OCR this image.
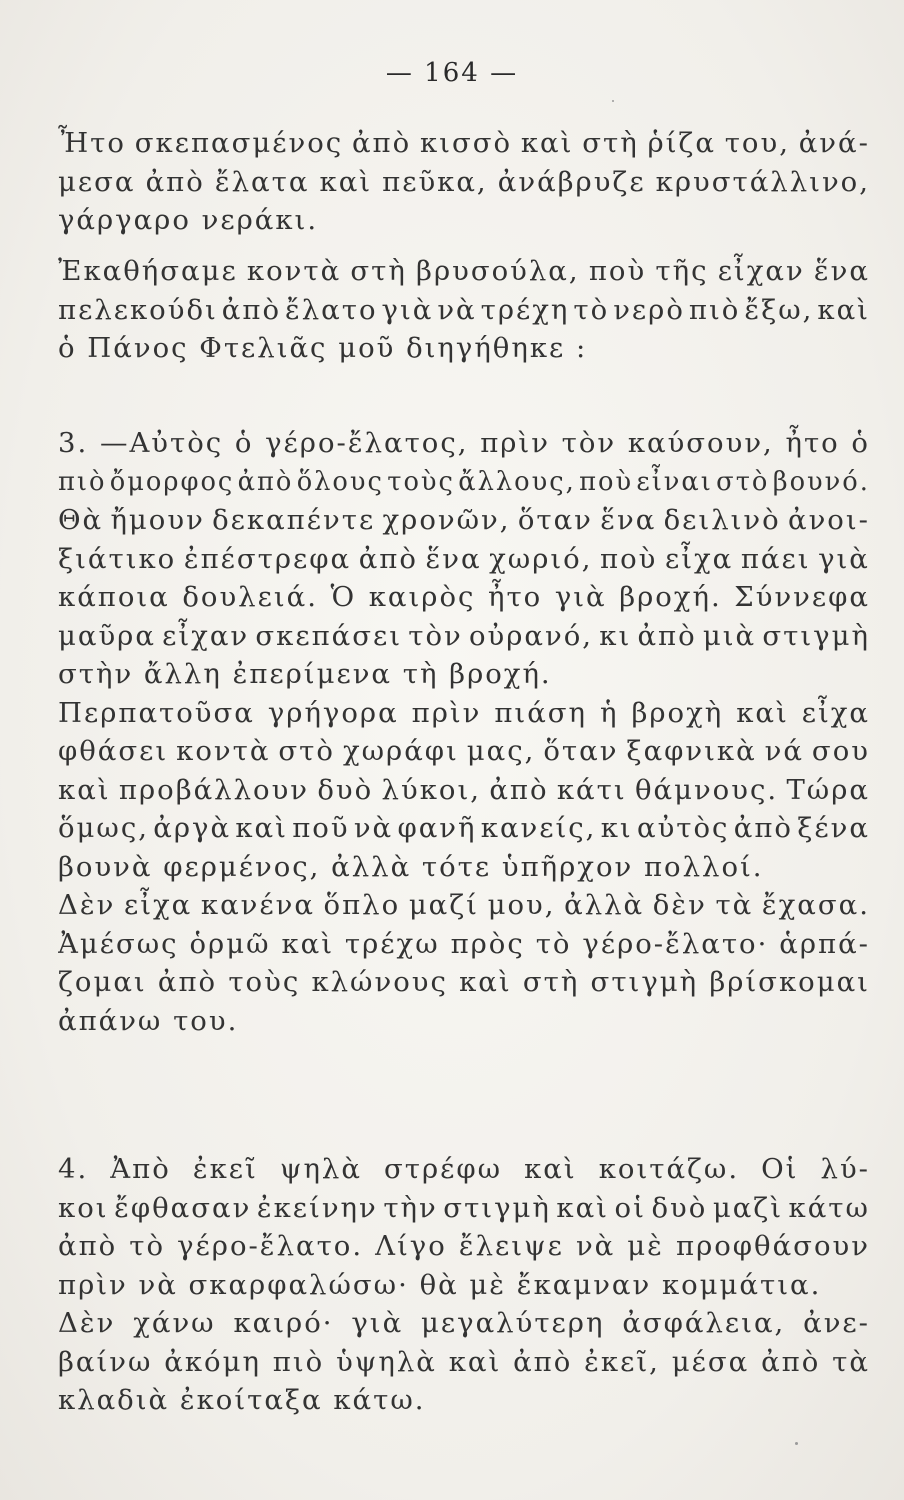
— 164 —
Ἦτο σκεπασμένος ἀπὸ κισσὸ καὶ στὴ ῥίζα του, ἀνά-
μεσα ἀπὸ ἔλατα καὶ πεῦκα, ἀνάβρυζε κρυστάλλινο,
γάργαρο νεράκι.
Ἐκαθήσαμε κοντὰ στὴ βρυσούλα, ποὺ τῆς εἶχαν ἕνα
πελεκούδι ἀπὸ ἔλατο γιὰ νὰ τρέχη τὸ νερὸ πιὸ ἔξω, καὶ
ὁ Πάνος Φτελιᾶς μοῦ διηγήθηκε :
3. —Αὐτὸς ὁ γέρο-ἔλατος, πρὶν τὸν καύσουν, ἦτο ὁ
πιὸ ὄμορφος ἀπὸ ὅλους τοὺς ἄλλους, ποὺ εἶναι στὸ βουνό.
Θὰ ἤμουν δεκαπέντε χρονῶν, ὅταν ἕνα δειλινὸ ἀνοι-
ξιάτικο ἐπέστρεφα ἀπὸ ἕνα χωριό, ποὺ εἶχα πάει γιὰ
κάποια δουλειά. Ὁ καιρὸς ἦτο γιὰ βροχή. Σύννεφα
μαῦρα εἶχαν σκεπάσει τὸν οὐρανό, κι ἀπὸ μιὰ στιγμὴ
στὴν ἄλλη ἐπερίμενα τὴ βροχή.
Περπατοῦσα γρήγορα πρὶν πιάση ἡ βροχὴ καὶ εἶχα
φθάσει κοντὰ στὸ χωράφι μας, ὅταν ξαφνικὰ νά σου
καὶ προβάλλουν δυὸ λύκοι, ἀπὸ κάτι θάμνους. Τώρα
ὅμως, ἀργὰ καὶ ποῦ νὰ φανῆ κανείς, κι αὐτὸς ἀπὸ ξένα
βουνὰ φερμένος, ἀλλὰ τότε ὑπῆρχον πολλοί.
Δὲν εἶχα κανένα ὅπλο μαζί μου, ἀλλὰ δὲν τὰ ἔχασα.
Ἀμέσως ὁρμῶ καὶ τρέχω πρὸς τὸ γέρο-ἔλατο· ἁρπά-
ζομαι ἀπὸ τοὺς κλώνους καὶ στὴ στιγμὴ βρίσκομαι
ἀπάνω του.
4. Ἀπὸ ἐκεῖ ψηλὰ στρέφω καὶ κοιτάζω. Οἱ λύ-
κοι ἔφθασαν ἐκείνην τὴν στιγμὴ καὶ οἱ δυὸ μαζὶ κάτω
ἀπὸ τὸ γέρο-ἔλατο. Λίγο ἔλειψε νὰ μὲ προφθάσουν
πρὶν νὰ σκαρφαλώσω· θὰ μὲ ἔκαμναν κομμάτια.
Δὲν χάνω καιρό· γιὰ μεγαλύτερη ἀσφάλεια, ἀνε-
βαίνω ἀκόμη πιὸ ὑψηλὰ καὶ ἀπὸ ἐκεῖ, μέσα ἀπὸ τὰ
κλαδιὰ ἐκοίταξα κάτω.
